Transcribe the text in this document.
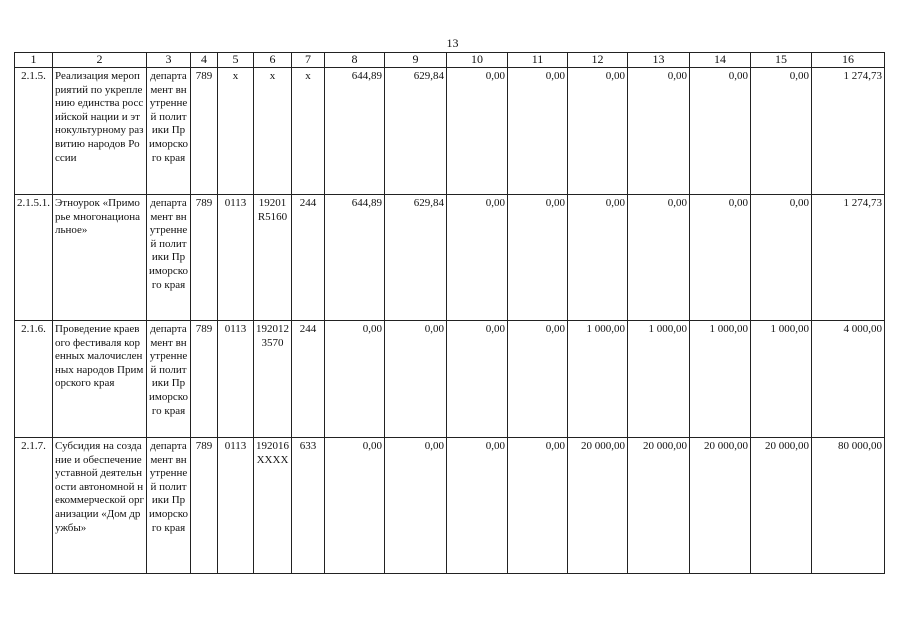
13
1	2	3	4	5	6	7	8	9	10	11	12	13	14	15	16
2.1.5.	Реализация мероприятий по укреплению единства российской нации и этнокультурному развитию народов России	департамент внутренней политики Приморского края	789	х	х	х	644,89	629,84	0,00	0,00	0,00	0,00	0,00	0,00	1 274,73
2.1.5.1.	Этноурок «Приморье многонациональное»	департамент внутренней политики Приморского края	789	0113	19201 R5160	244	644,89	629,84	0,00	0,00	0,00	0,00	0,00	0,00	1 274,73
2.1.6.	Проведение краевого фестиваля коренных малочисленных народов Приморского края	департамент внутренней политики Приморского края	789	0113	1920123570	244	0,00	0,00	0,00	0,00	1 000,00	1 000,00	1 000,00	1 000,00	4 000,00
2.1.7.	Субсидия на создание и обеспечение уставной деятельности автономной некоммерческой организации «Дом дружбы»	департамент внутренней политики Приморского края	789	0113	192016XXXX	633	0,00	0,00	0,00	0,00	20 000,00	20 000,00	20 000,00	20 000,00	80 000,00
